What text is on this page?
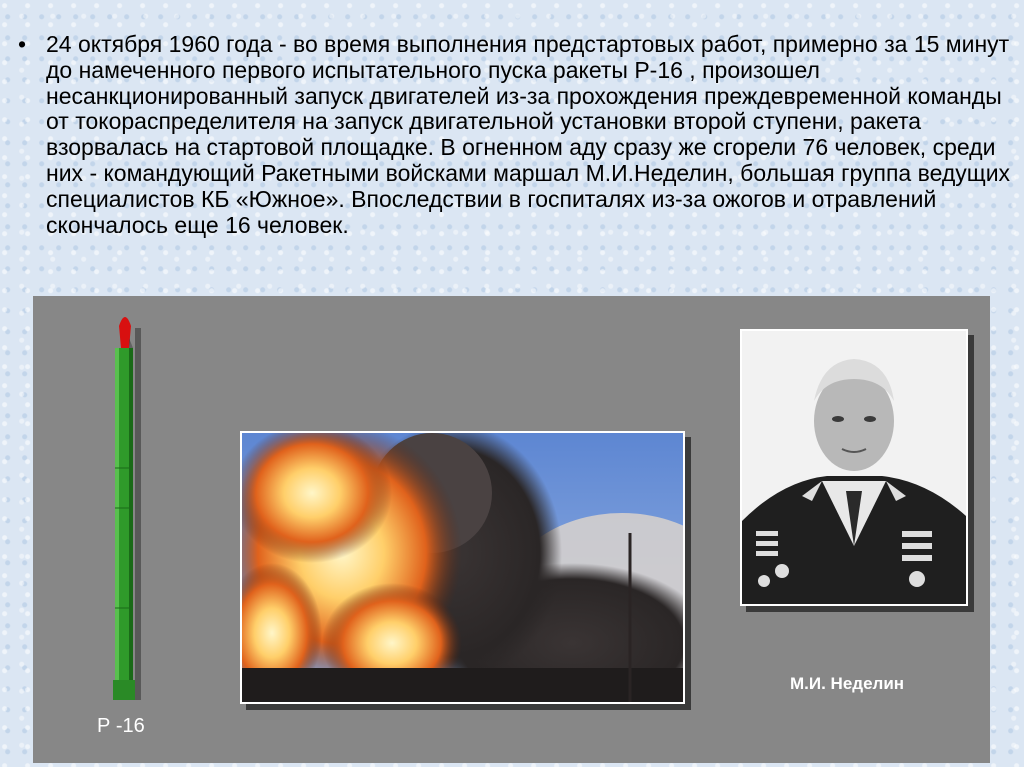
• 24 октября 1960 года - во время выполнения предстартовых работ, примерно за 15 минут до намеченного первого испытательного пуска ракеты Р-16 , произошел несанкционированный запуск двигателей из-за прохождения преждевременной команды от токораспределителя на запуск двигательной установки второй ступени, ракета взорвалась на стартовой площадке. В огненном аду сразу же сгорели 76 человек, среди них - командующий Ракетными войсками маршал М.И.Неделин, большая группа ведущих специалистов КБ «Южное». Впоследствии в госпиталях из-за ожогов и отравлений скончалось еще 16 человек.
Р -16
М.И. Неделин
